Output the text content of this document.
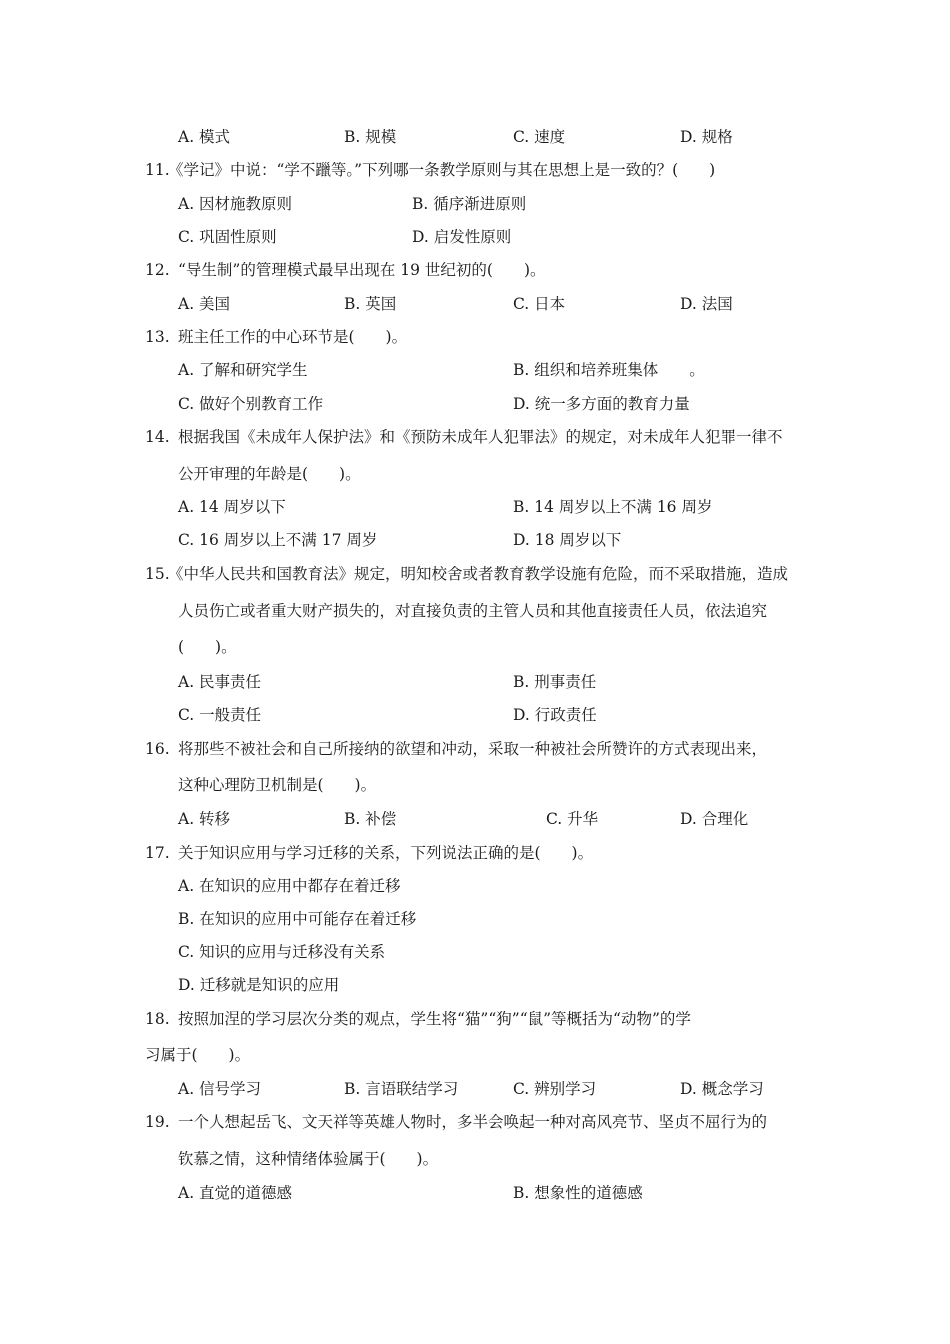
A. 模式	B. 规模	C. 速度	D. 规格
11.
《学记》中说：“学不躐等。”下列哪一条教学原则与其在思想上是一致的？(　　)
A. 因材施教原则	B. 循序渐进原则
C. 巩固性原则	D. 启发性原则
12. “导生制”的管理模式最早出现在 19 世纪初的(　　)。
A. 美国	B. 英国	C. 日本	D. 法国
13. 班主任工作的中心环节是(　　)。
A. 了解和研究学生	B. 组织和培养班集体　　。
C. 做好个别教育工作	D. 统一多方面的教育力量
14. 根据我国《未成年人保护法》和《预防未成年人犯罪法》的规定，对未成年人犯罪一律不
公开审理的年龄是(　　)。
A. 14 周岁以下	B. 14 周岁以上不满 16 周岁
C. 16 周岁以上不满 17 周岁	D. 18 周岁以下
15.
《中华人民共和国教育法》规定，明知校舍或者教育教学设施有危险，而不采取措施，造成
人员伤亡或者重大财产损失的，对直接负责的主管人员和其他直接责任人员，依法追究
(　　)。
A. 民事责任	B. 刑事责任
C. 一般责任	D. 行政责任
16. 将那些不被社会和自己所接纳的欲望和冲动，采取一种被社会所赞许的方式表现出来，
这种心理防卫机制是(　　)。
A. 转移	B. 补偿	C. 升华	D. 合理化
17. 关于知识应用与学习迁移的关系，下列说法正确的是(　　)。
A. 在知识的应用中都存在着迁移
B. 在知识的应用中可能存在着迁移
C. 知识的应用与迁移没有关系
D. 迁移就是知识的应用
18. 按照加涅的学习层次分类的观点，学生将“猫”“狗”“鼠”等概括为“动物”的学
习属于(　　)。
A. 信号学习	B. 言语联结学习	C. 辨别学习	D. 概念学习
19. 一个人想起岳飞、文天祥等英雄人物时，多半会唤起一种对高风亮节、坚贞不屈行为的
钦慕之情，这种情绪体验属于(　　)。
A. 直觉的道德感	B. 想象性的道德感
